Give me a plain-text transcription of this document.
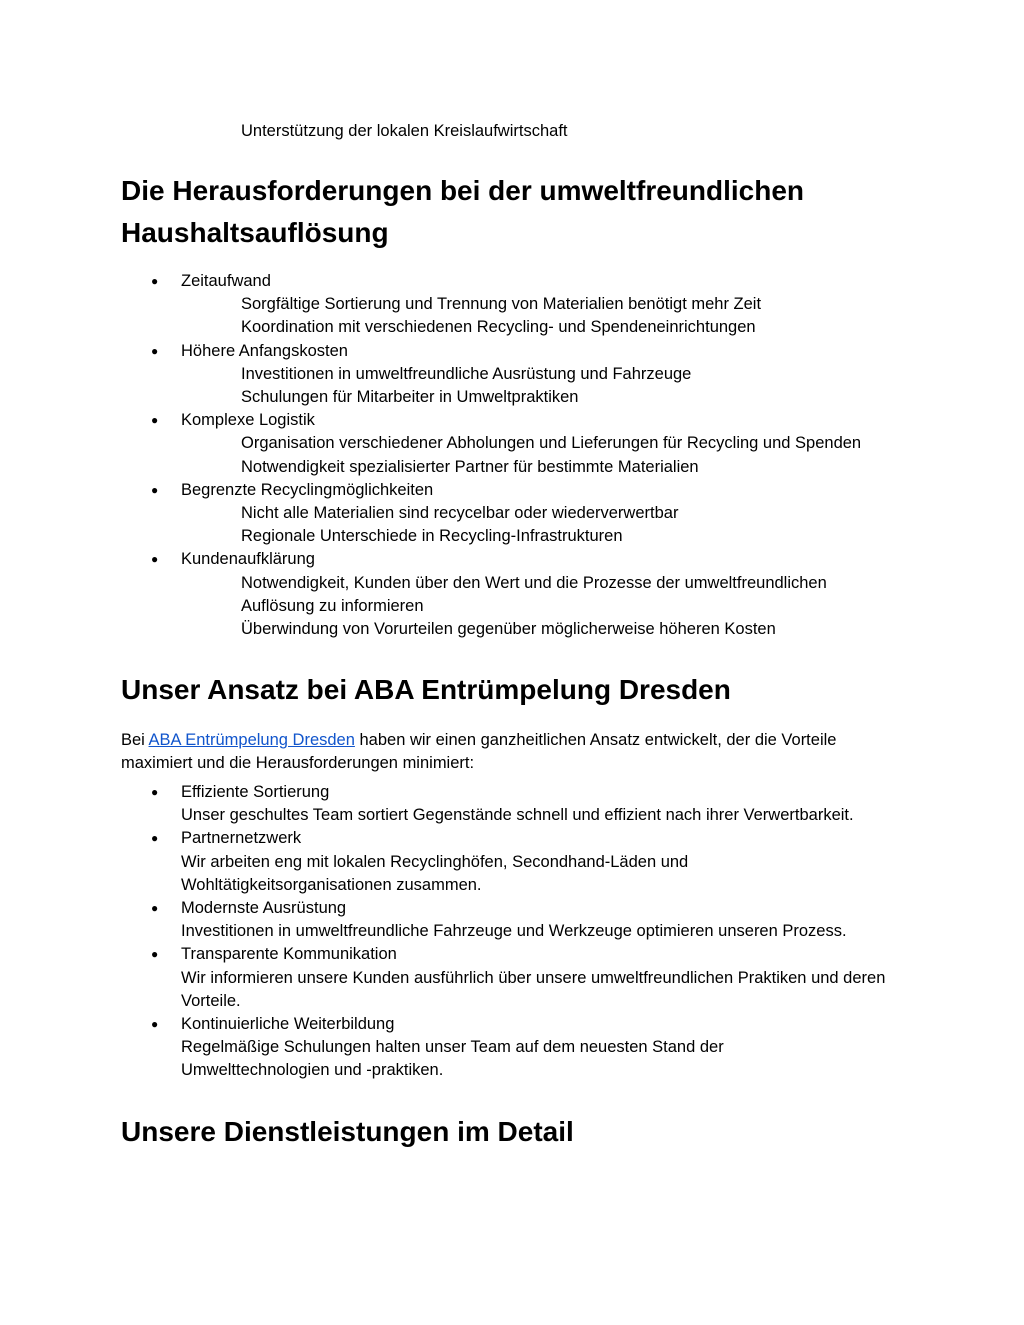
Unterstützung der lokalen Kreislaufwirtschaft
Die Herausforderungen bei der umweltfreundlichen Haushaltsauflösung
● Zeitaufwand
Sorgfältige Sortierung und Trennung von Materialien benötigt mehr Zeit
Koordination mit verschiedenen Recycling- und Spendeneinrichtungen
● Höhere Anfangskosten
Investitionen in umweltfreundliche Ausrüstung und Fahrzeuge
Schulungen für Mitarbeiter in Umweltpraktiken
● Komplexe Logistik
Organisation verschiedener Abholungen und Lieferungen für Recycling und Spenden
Notwendigkeit spezialisierter Partner für bestimmte Materialien
● Begrenzte Recyclingmöglichkeiten
Nicht alle Materialien sind recycelbar oder wiederverwertbar
Regionale Unterschiede in Recycling-Infrastrukturen
● Kundenaufklärung
Notwendigkeit, Kunden über den Wert und die Prozesse der umweltfreundlichen Auflösung zu informieren
Überwindung von Vorurteilen gegenüber möglicherweise höheren Kosten
Unser Ansatz bei ABA Entrümpelung Dresden
Bei ABA Entrümpelung Dresden haben wir einen ganzheitlichen Ansatz entwickelt, der die Vorteile maximiert und die Herausforderungen minimiert:
● Effiziente Sortierung
Unser geschultes Team sortiert Gegenstände schnell und effizient nach ihrer Verwertbarkeit.
● Partnernetzwerk
Wir arbeiten eng mit lokalen Recyclinghöfen, Secondhand-Läden und Wohltätigkeitsorganisationen zusammen.
● Modernste Ausrüstung
Investitionen in umweltfreundliche Fahrzeuge und Werkzeuge optimieren unseren Prozess.
● Transparente Kommunikation
Wir informieren unsere Kunden ausführlich über unsere umweltfreundlichen Praktiken und deren Vorteile.
● Kontinuierliche Weiterbildung
Regelmäßige Schulungen halten unser Team auf dem neuesten Stand der Umwelttechnologien und -praktiken.
Unsere Dienstleistungen im Detail
